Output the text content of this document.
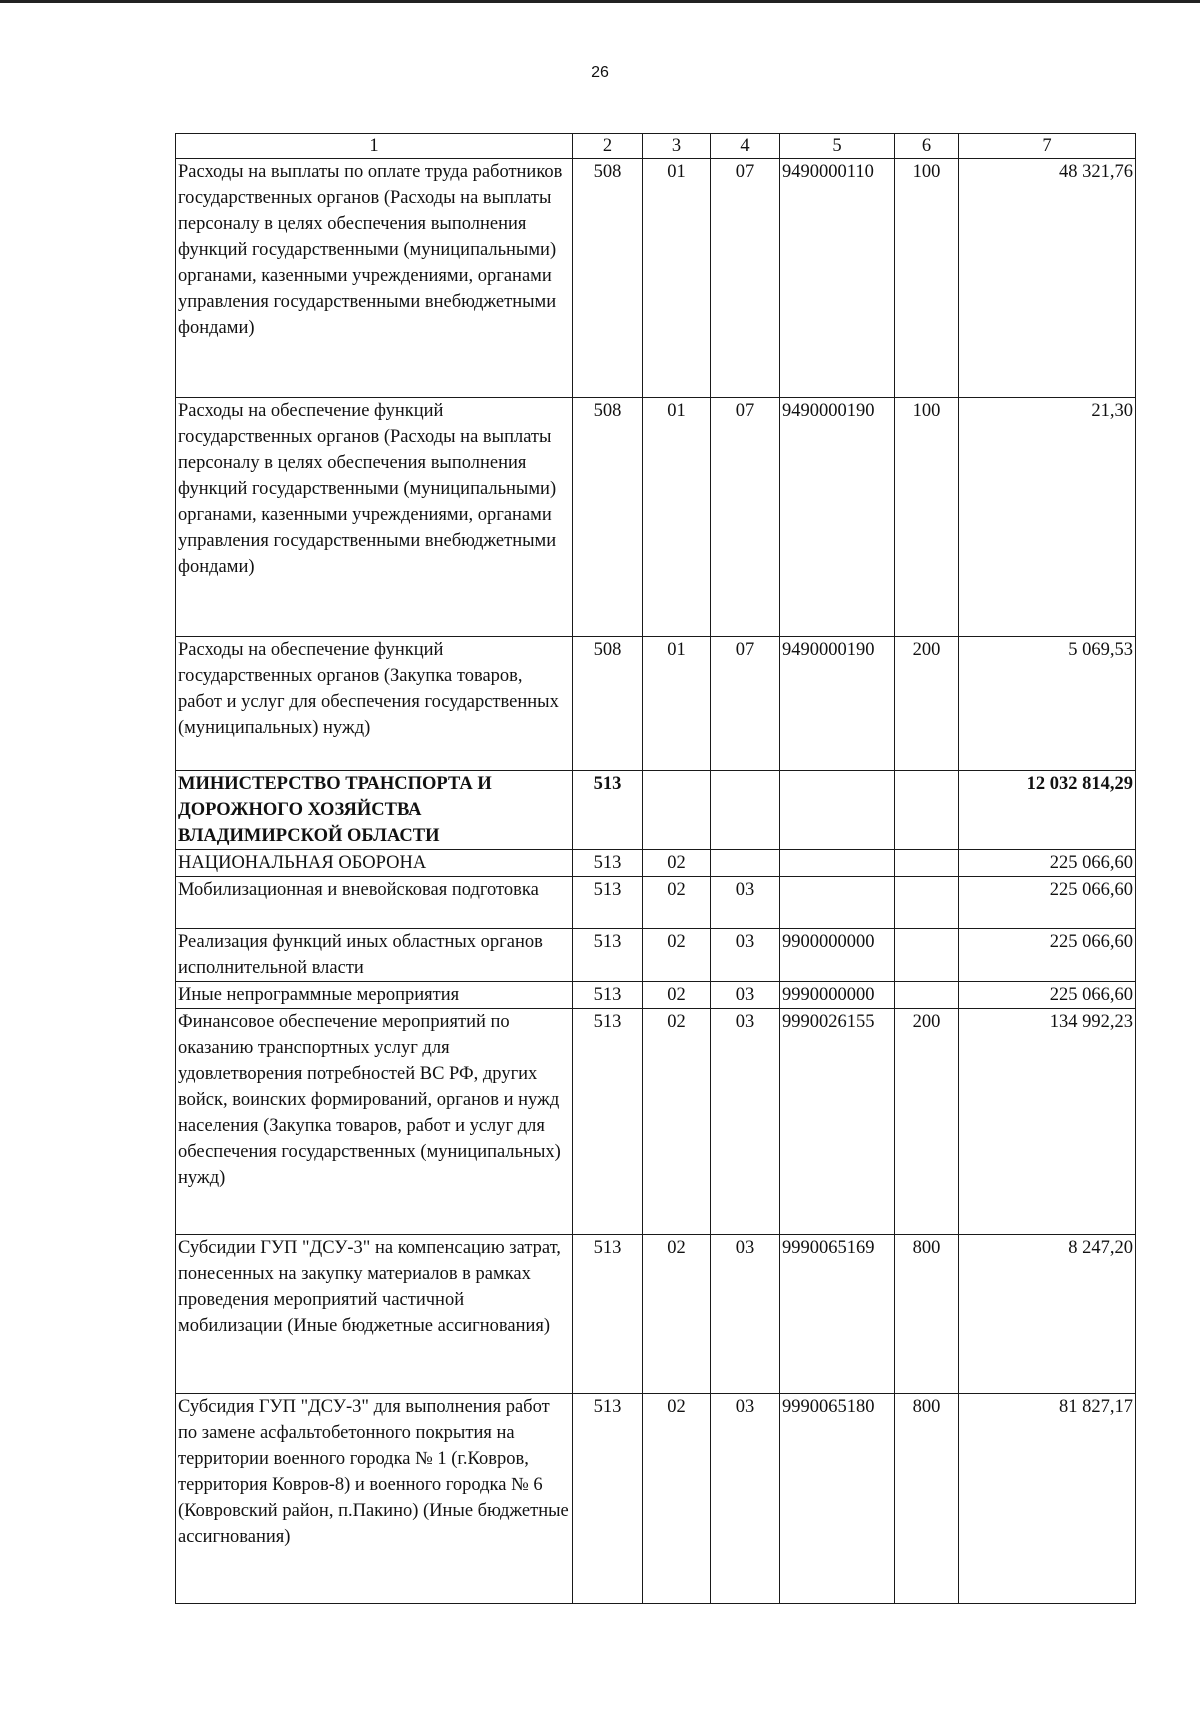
26
1	2	3	4	5	6	7
Расходы на выплаты по оплате труда работников государственных органов (Расходы на выплаты персоналу в целях обеспечения выполнения функций государственными (муниципальными) органами, казенными учреждениями, органами управления государственными внебюджетными фондами)	508	01	07	9490000110	100	48 321,76
Расходы на обеспечение функций государственных органов (Расходы на выплаты персоналу в целях обеспечения выполнения функций государственными (муниципальными) органами, казенными учреждениями, органами управления государственными внебюджетными фондами)	508	01	07	9490000190	100	21,30
Расходы на обеспечение функций государственных органов (Закупка товаров, работ и услуг для обеспечения государственных (муниципальных) нужд)	508	01	07	9490000190	200	5 069,53
МИНИСТЕРСТВО ТРАНСПОРТА И ДОРОЖНОГО ХОЗЯЙСТВА ВЛАДИМИРСКОЙ ОБЛАСТИ	513					12 032 814,29
НАЦИОНАЛЬНАЯ ОБОРОНА	513	02				225 066,60
Мобилизационная и вневойсковая подготовка	513	02	03			225 066,60
Реализация функций иных областных органов исполнительной власти	513	02	03	9900000000		225 066,60
Иные непрограммные мероприятия	513	02	03	9990000000		225 066,60
Финансовое обеспечение мероприятий по оказанию транспортных услуг для удовлетворения потребностей ВС РФ, других войск, воинских формирований, органов и нужд населения (Закупка товаров, работ и услуг для обеспечения государственных (муниципальных) нужд)	513	02	03	9990026155	200	134 992,23
Субсидии ГУП "ДСУ-3" на компенсацию затрат, понесенных на закупку материалов в рамках проведения мероприятий частичной мобилизации (Иные бюджетные ассигнования)	513	02	03	9990065169	800	8 247,20
Субсидия ГУП "ДСУ-3" для выполнения работ по замене асфальтобетонного покрытия на территории военного городка № 1 (г.Ковров, территория Ковров-8) и военного городка № 6 (Ковровский район, п.Пакино) (Иные бюджетные ассигнования)	513	02	03	9990065180	800	81 827,17
